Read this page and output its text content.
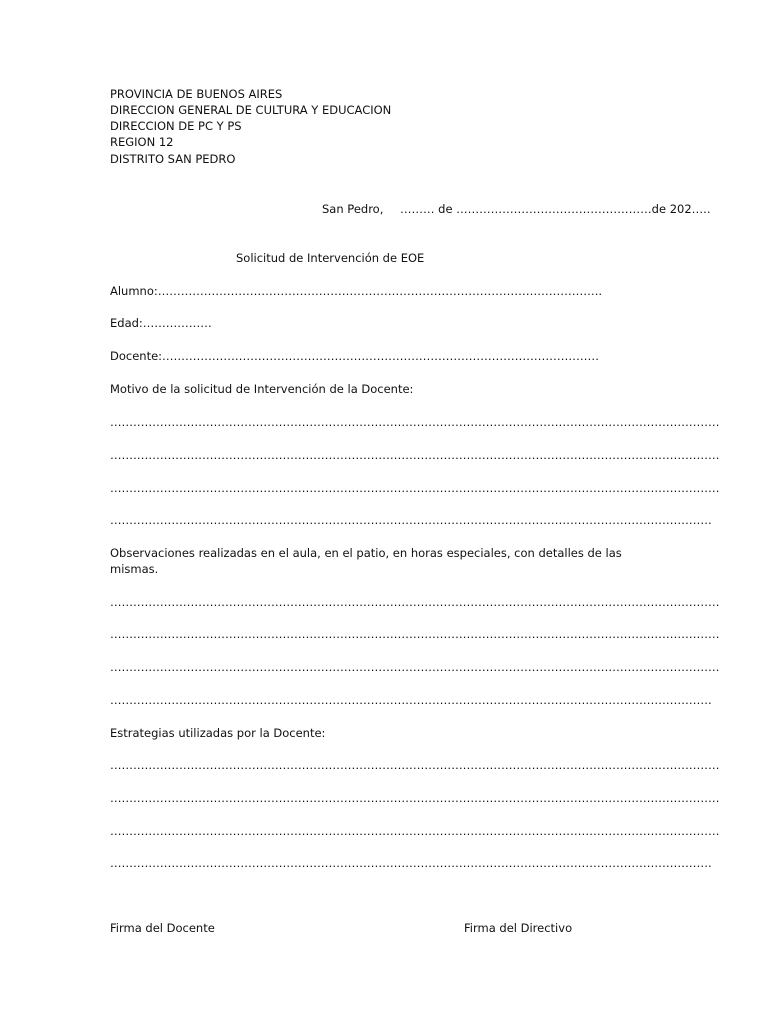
PROVINCIA DE BUENOS AIRES
DIRECCION GENERAL DE CULTURA Y EDUCACION
DIRECCION DE PC Y PS
REGION 12
DISTRITO SAN PEDRO
San Pedro, ……… de ……………………………………………de 202…..
Solicitud de Intervención de EOE
Alumno:……………………………………………………………………………………………………..
Edad:………………
Docente:……………………………………………………………………………………………………
Motivo de la solicitud de Intervención de la Docente:
……………………………………………………………………………………………………………………………………………
……………………………………………………………………………………………………………………………………………
……………………………………………………………………………………………………………………………………………
………………………………………………………………………………………………………………………………………….
Observaciones realizadas en el aula, en el patio, en horas especiales, con detalles de las mismas.
……………………………………………………………………………………………………………………………………………
……………………………………………………………………………………………………………………………………………
……………………………………………………………………………………………………………………………………………
………………………………………………………………………………………………………………………………………….
Estrategias utilizadas por la Docente:
……………………………………………………………………………………………………………………………………………
……………………………………………………………………………………………………………………………………………
……………………………………………………………………………………………………………………………………………
………………………………………………………………………………………………………………………………………….
Firma del Docente	Firma del Directivo
